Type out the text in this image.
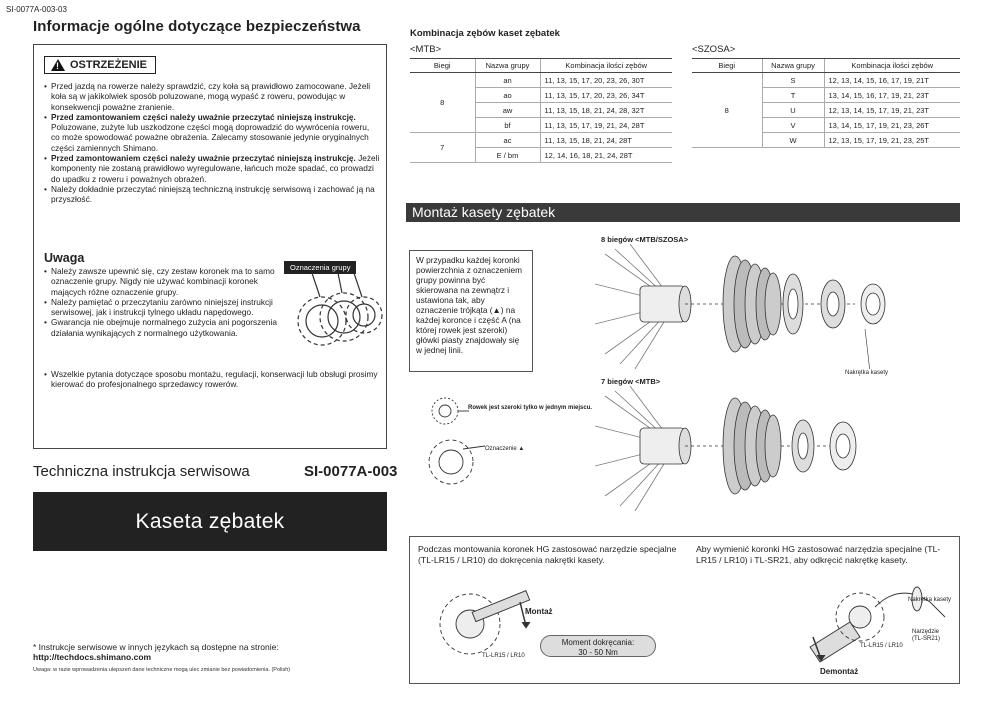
SI-0077A-003-03
Informacje ogólne dotyczące bezpieczeństwa
! OSTRZEŻENIE
• Przed jazdą na rowerze należy sprawdzić, czy koła są prawidłowo zamocowane. Jeżeli koła są w jakikolwiek sposób poluzowane, mogą wypaść z roweru, powodując w konsekwencji poważne zranienie.
• Przed zamontowaniem części należy uważnie przeczytać niniejszą instrukcję. Poluzowane, zużyte lub uszkodzone części mogą doprowadzić do wywrócenia roweru, co może spowodować poważne obrażenia. Zalecamy stosowanie jedynie oryginalnych części zamiennych Shimano.
• Przed zamontowaniem części należy uważnie przeczytać niniejszą instrukcję. Jeżeli komponenty nie zostaną prawidłowo wyregulowane, łańcuch może spadać, co prowadzi do upadku z roweru i poważnych obrażeń.
• Należy dokładnie przeczytać niniejszą techniczną instrukcję serwisową i zachować ją na przyszłość.
Uwaga
• Należy zawsze upewnić się, czy zestaw koronek ma to samo oznaczenie grupy. Nigdy nie używać kombinacji koronek mających różne oznaczenie grupy.
• Należy pamiętać o przeczytaniu zarówno niniejszej instrukcji serwisowej, jak i instrukcji tylnego układu napędowego.
• Gwarancja nie obejmuje normalnego zużycia ani pogorszenia działania wynikających z normalnego użytkowania.
• Wszelkie pytania dotyczące sposobu montażu, regulacji, konserwacji lub obsługi prosimy kierować do profesjonalnego sprzedawcy rowerów.
Oznaczenia grupy
Techniczna instrukcja serwisowa	SI-0077A-003
Kaseta zębatek
* Instrukcje serwisowe w innych językach są dostępne na stronie:
http://techdocs.shimano.com
Uwaga: w razie wprowadzenia ulepszeń dane techniczne mogą ulec zmianie bez powiadomienia. (Polish)
Kombinacja zębów kaset zębatek
<MTB>	<SZOSA>
Biegi	Nazwa grupy	Kombinacja ilości zębów
8	an	11, 13, 15, 17, 20, 23, 26, 30T
	ao	11, 13, 15, 17, 20, 23, 26, 34T
	aw	11, 13, 15, 18, 21, 24, 28, 32T
	bf	11, 13, 15, 17, 19, 21, 24, 28T
7	ac	11, 13, 15, 18, 21, 24, 28T
	E / bm	12, 14, 16, 18, 21, 24, 28T
Biegi	Nazwa grupy	Kombinacja ilości zębów
8	S	12, 13, 14, 15, 16, 17, 19, 21T
	T	13, 14, 15, 16, 17, 19, 21, 23T
	U	12, 13, 14, 15, 17, 19, 21, 23T
	V	13, 14, 15, 17, 19, 21, 23, 26T
	W	12, 13, 15, 17, 19, 21, 23, 25T
Montaż kasety zębatek
W przypadku każdej koronki powierzchnia z oznaczeniem grupy powinna być skierowana na zewnątrz i ustawiona tak, aby oznaczenie trójkąta (▲) na każdej koronce i część A (na której rowek jest szeroki) główki piasty znajdowały się w jednej linii.
8 biegów <MTB/SZOSA>
7 biegów <MTB>
Nakrętka kasety
Rowek jest szeroki tylko w jednym miejscu.
Oznaczenie ▲
Podczas montowania koronek HG zastosować narzędzie specjalne (TL-LR15 / LR10) do dokręcenia nakrętki kasety.
Aby wymienić koronki HG zastosować narzędzia specjalne (TL-LR15 / LR10) i TL-SR21, aby odkręcić nakrętkę kasety.
Montaż
TL-LR15 / LR10
Moment dokręcania:
30 - 50 Nm
Nakrętka kasety
Narzędzie
(TL-SR21)
TL-LR15 / LR10
Demontaż
